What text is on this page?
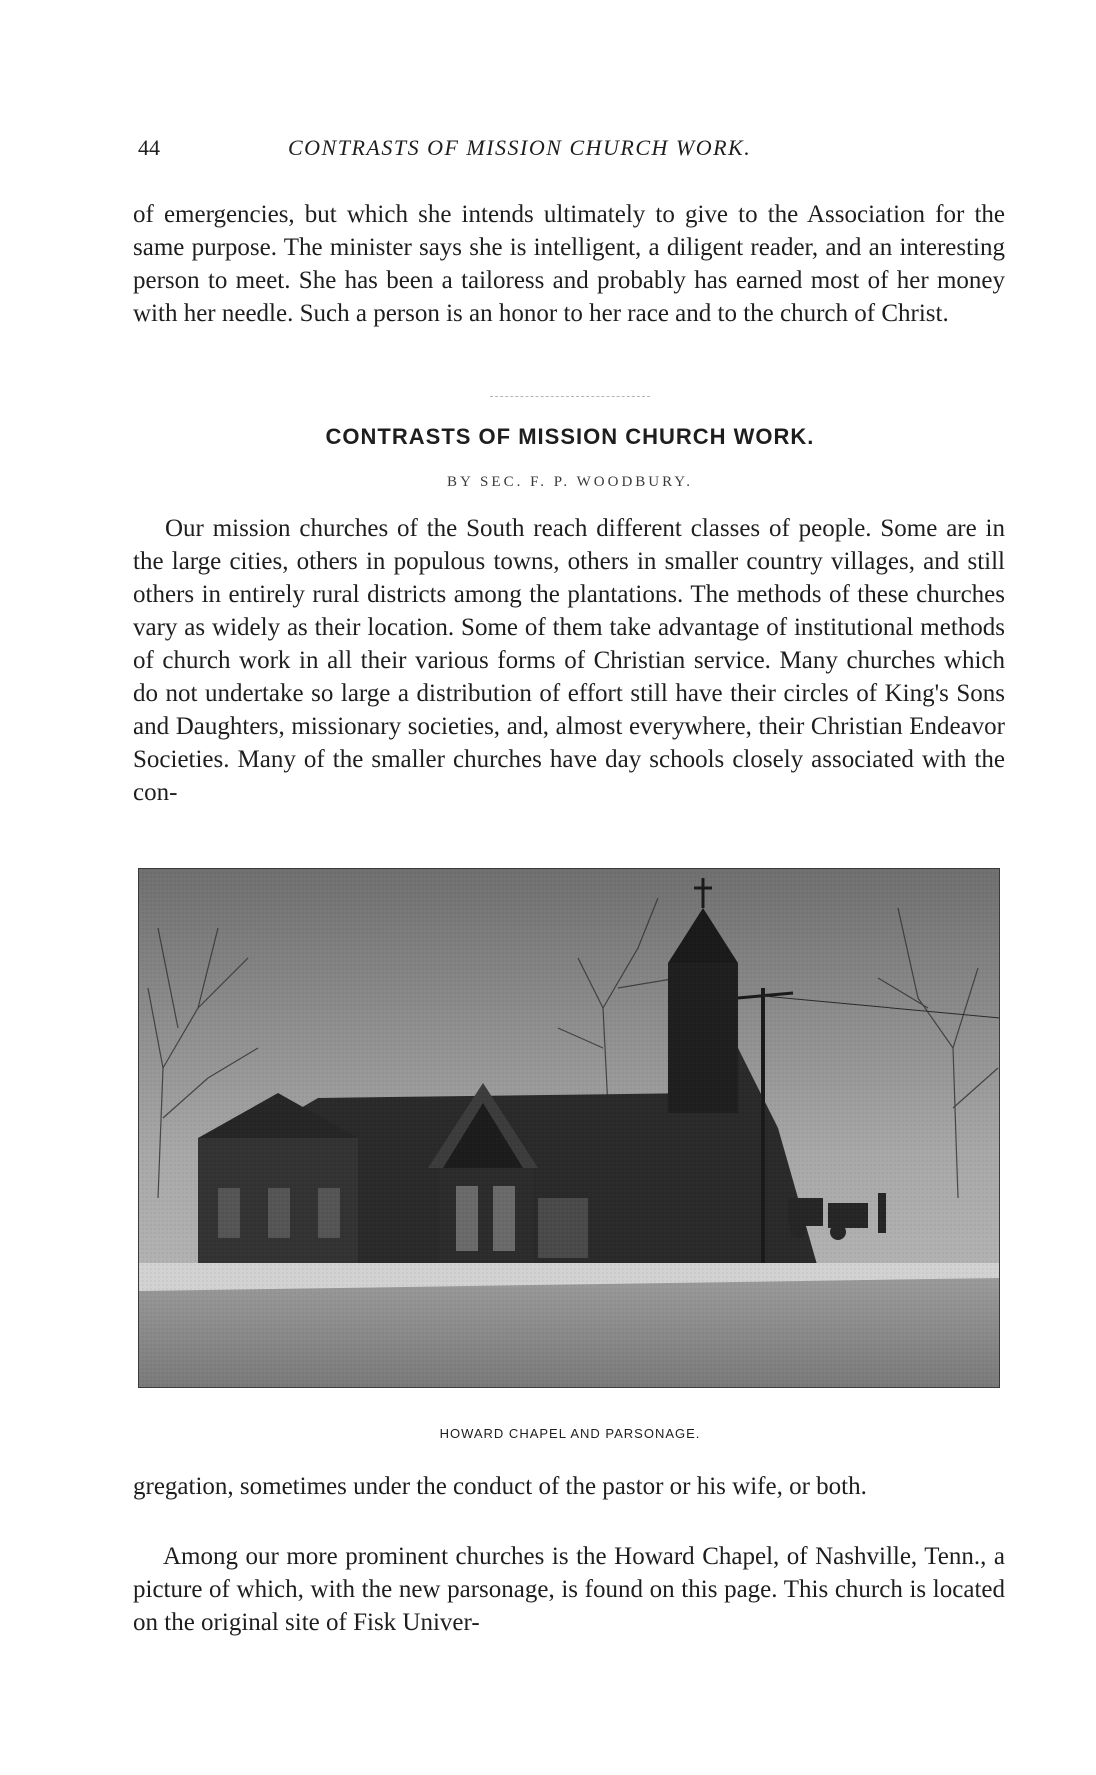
44	CONTRASTS OF MISSION CHURCH WORK.

of emergencies, but which she intends ultimately to give to the Association for the same purpose. The minister says she is intelligent, a diligent reader, and an interesting person to meet. She has been a tailoress and probably has earned most of her money with her needle. Such a person is an honor to her race and to the church of Christ.

CONTRASTS OF MISSION CHURCH WORK.
BY SEC. F. P. WOODBURY.

Our mission churches of the South reach different classes of people. Some are in the large cities, others in populous towns, others in smaller country villages, and still others in entirely rural districts among the plantations. The methods of these churches vary as widely as their location. Some of them take advantage of institutional methods of church work in all their various forms of Christian service. Many churches which do not undertake so large a distribution of effort still have their circles of King's Sons and Daughters, missionary societies, and, almost everywhere, their Christian Endeavor Societies. Many of the smaller churches have day schools closely associated with the con-

HOWARD CHAPEL AND PARSONAGE.

gregation, sometimes under the conduct of the pastor or his wife, or both.

Among our more prominent churches is the Howard Chapel, of Nashville, Tenn., a picture of which, with the new parsonage, is found on this page. This church is located on the original site of Fisk Univer-
